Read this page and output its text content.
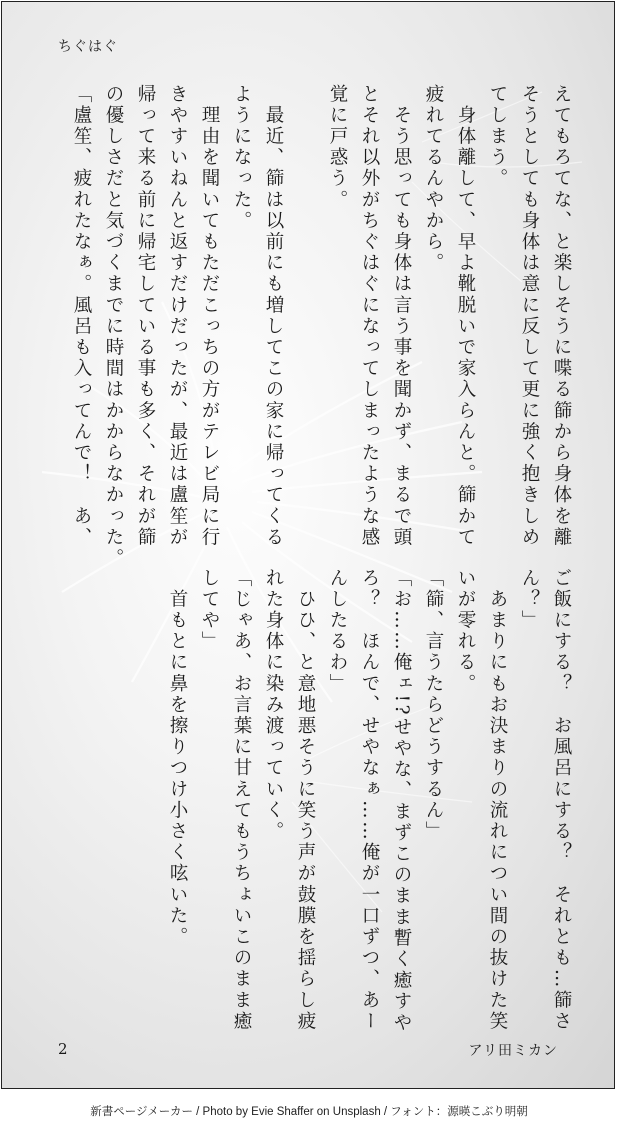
ちぐはぐ
えてもろてな、と楽しそうに喋る篩から身体を離
そうとしても身体は意に反して更に強く抱きしめ
てしまう。
　身体離して、早よ靴脱いで家入らんと。篩かて
疲れてるんやから。
　そう思っても身体は言う事を聞かず、まるで頭
とそれ以外がちぐはぐになってしまったような感
覚に戸惑う。
　最近、篩は以前にも増してこの家に帰ってくる
ようになった。
　理由を聞いてもただこっちの方がテレビ局に行
きやすいねんと返すだけだったが、最近は盧笙が
帰って来る前に帰宅している事も多く、それが篩
の優しさだと気づくまでに時間はかからなかった。
「盧笙、疲れたなぁ。風呂も入ってんで！　あ、
ご飯にする？　お風呂にする？　それとも…篩さ
ん？」
　あまりにもお決まりの流れについ間の抜けた笑
いが零れる。
「篩、言うたらどうするん」
「お……俺ェ!?せやな、まずこのまま暫く癒すや
ろ？　ほんで、せやなぁ……俺が一口ずつ、あー
んしたるわ」
　ひひ、と意地悪そうに笑う声が鼓膜を揺らし疲
れた身体に染み渡っていく。
「じゃあ、お言葉に甘えてもうちょいこのまま癒
してや」
　首もとに鼻を擦りつけ小さく呟いた。
2	アリ田ミカン
新書ページメーカー / Photo by Evie Shaffer on Unsplash / フォント：源暎こぶり明朝
